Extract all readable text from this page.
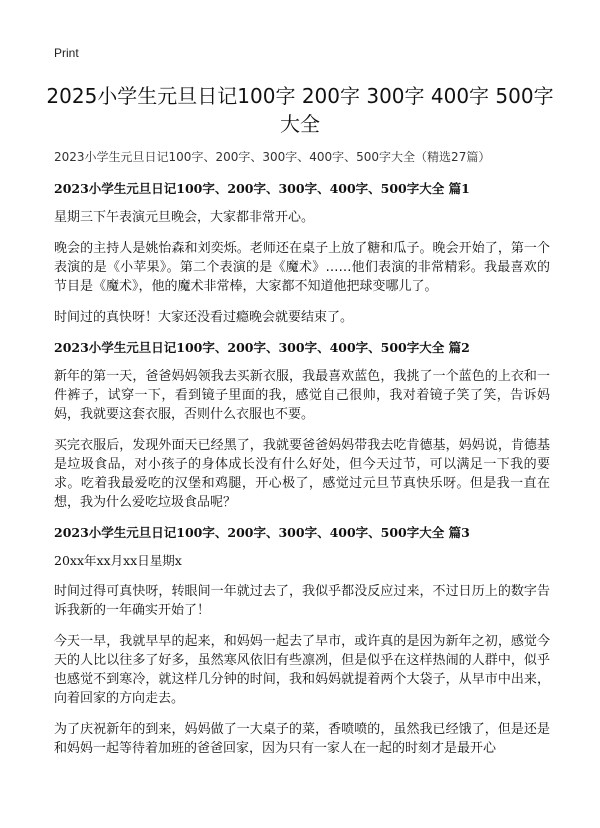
Print
2025小学生元旦日记100字 200字 300字 400字 500字 大全

2023小学生元旦日记100字、200字、300字、400字、500字大全（精选27篇）

2023小学生元旦日记100字、200字、300字、400字、500字大全 篇1

星期三下午表演元旦晚会，大家都非常开心。

晚会的主持人是姚怡森和刘奕烁。老师还在桌子上放了糖和瓜子。晚会开始了，第一个表演的是《小苹果》。第二个表演的是《魔术》……他们表演的非常精彩。我最喜欢的节目是《魔术》，他的魔术非常棒，大家都不知道他把球变哪儿了。

时间过的真快呀！大家还没看过瘾晚会就要结束了。

2023小学生元旦日记100字、200字、300字、400字、500字大全 篇2

新年的第一天，爸爸妈妈领我去买新衣服，我最喜欢蓝色，我挑了一个蓝色的上衣和一件裤子，试穿一下，看到镜子里面的我，感觉自己很帅，我对着镜子笑了笑，告诉妈妈，我就要这套衣服，否则什么衣服也不要。

买完衣服后，发现外面天已经黑了，我就要爸爸妈妈带我去吃肯德基，妈妈说，肯德基是垃圾食品，对小孩子的身体成长没有什么好处，但今天过节，可以满足一下我的要求。吃着我最爱吃的汉堡和鸡腿，开心极了，感觉过元旦节真快乐呀。但是我一直在想，我为什么爱吃垃圾食品呢？

2023小学生元旦日记100字、200字、300字、400字、500字大全 篇3

20xx年xx月xx日星期x

时间过得可真快呀，转眼间一年就过去了，我似乎都没反应过来，不过日历上的数字告诉我新的一年确实开始了！

今天一早，我就早早的起来，和妈妈一起去了早市，或许真的是因为新年之初，感觉今天的人比以往多了好多，虽然寒风依旧有些凛冽，但是似乎在这样热闹的人群中，似乎也感觉不到寒冷，就这样几分钟的时间，我和妈妈就提着两个大袋子，从早市中出来，向着回家的方向走去。

为了庆祝新年的到来，妈妈做了一大桌子的菜，香喷喷的，虽然我已经饿了，但是还是和妈妈一起等待着加班的爸爸回家，因为只有一家人在一起的时刻才是最开心
